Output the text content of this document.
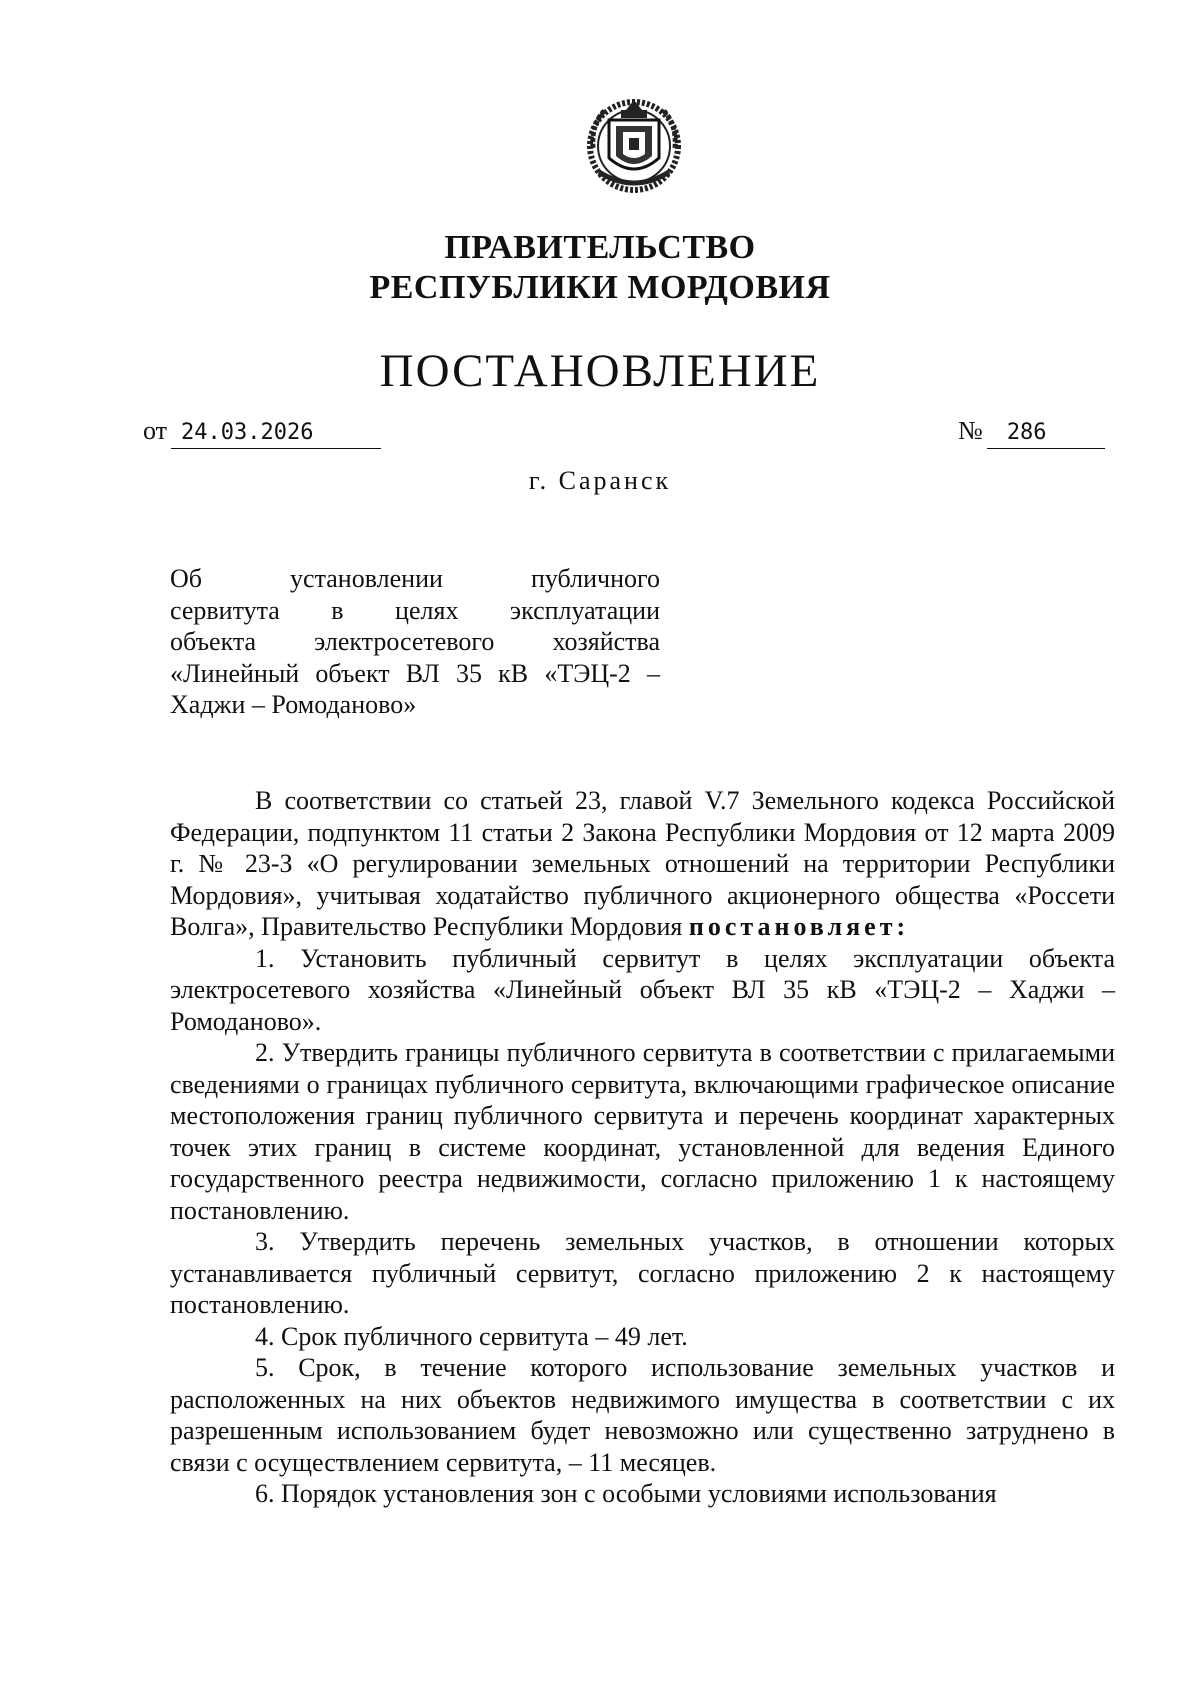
ПРАВИТЕЛЬСТВО
РЕСПУБЛИКИ МОРДОВИЯ
ПОСТАНОВЛЕНИЕ
от 24.03.2026	№ 286
г. Саранск
Об установлении публичного
сервитута в целях эксплуатации
объекта электросетевого хозяйства
«Линейный объект ВЛ 35 кВ «ТЭЦ-2 –
Хаджи – Ромоданово»

В соответствии со статьей 23, главой V.7 Земельного кодекса Российской Федерации, подпунктом 11 статьи 2 Закона Республики Мордовия от 12 марта 2009 г. № 23-З «О регулировании земельных отношений на территории Республики Мордовия», учитывая ходатайство публичного акционерного общества «Россети Волга», Правительство Республики Мордовия постановляет:

1. Установить публичный сервитут в целях эксплуатации объекта электросетевого хозяйства «Линейный объект ВЛ 35 кВ «ТЭЦ-2 – Хаджи – Ромоданово».

2. Утвердить границы публичного сервитута в соответствии с прилагаемыми сведениями о границах публичного сервитута, включающими графическое описание местоположения границ публичного сервитута и перечень координат характерных точек этих границ в системе координат, установленной для ведения Единого государственного реестра недвижимости, согласно приложению 1 к настоящему постановлению.

3. Утвердить перечень земельных участков, в отношении которых устанавливается публичный сервитут, согласно приложению 2 к настоящему постановлению.

4. Срок публичного сервитута – 49 лет.

5. Срок, в течение которого использование земельных участков и расположенных на них объектов недвижимого имущества в соответствии с их разрешенным использованием будет невозможно или существенно затруднено в связи с осуществлением сервитута, – 11 месяцев.

6. Порядок установления зон с особыми условиями использования
